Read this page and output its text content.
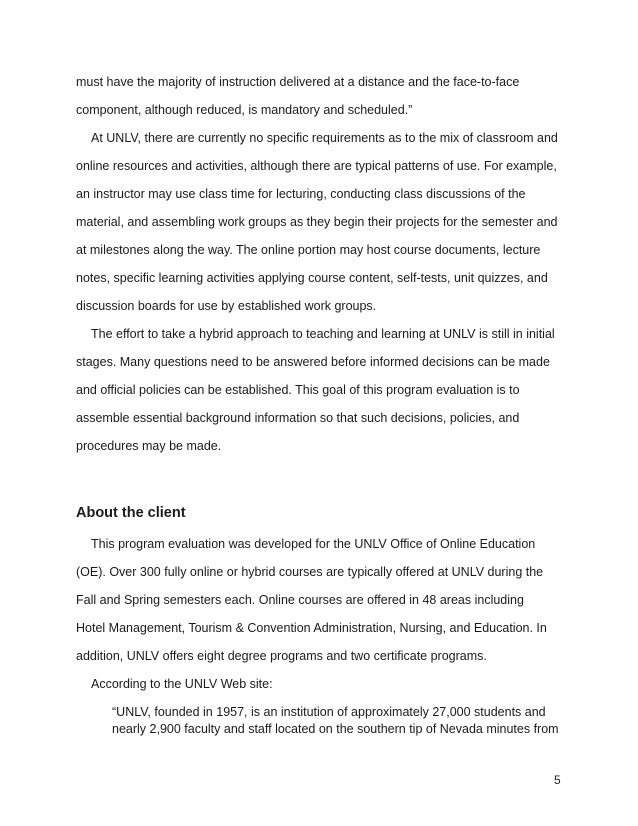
must have the majority of instruction delivered at a distance and the face-to-face
component, although reduced, is mandatory and scheduled.”
At UNLV, there are currently no specific requirements as to the mix of classroom and
online resources and activities, although there are typical patterns of use. For example,
an instructor may use class time for lecturing, conducting class discussions of the
material, and assembling work groups as they begin their projects for the semester and
at milestones along the way. The online portion may host course documents, lecture
notes, specific learning activities applying course content, self-tests, unit quizzes, and
discussion boards for use by established work groups.
The effort to take a hybrid approach to teaching and learning at UNLV is still in initial
stages. Many questions need to be answered before informed decisions can be made
and official policies can be established. This goal of this program evaluation is to
assemble essential background information so that such decisions, policies, and
procedures may be made.
About the client
This program evaluation was developed for the UNLV Office of Online Education
(OE). Over 300 fully online or hybrid courses are typically offered at UNLV during the
Fall and Spring semesters each. Online courses are offered in 48 areas including
Hotel Management, Tourism & Convention Administration, Nursing, and Education. In
addition, UNLV offers eight degree programs and two certificate programs.
According to the UNLV Web site:
“UNLV, founded in 1957, is an institution of approximately 27,000 students and
nearly 2,900 faculty and staff located on the southern tip of Nevada minutes from
5
